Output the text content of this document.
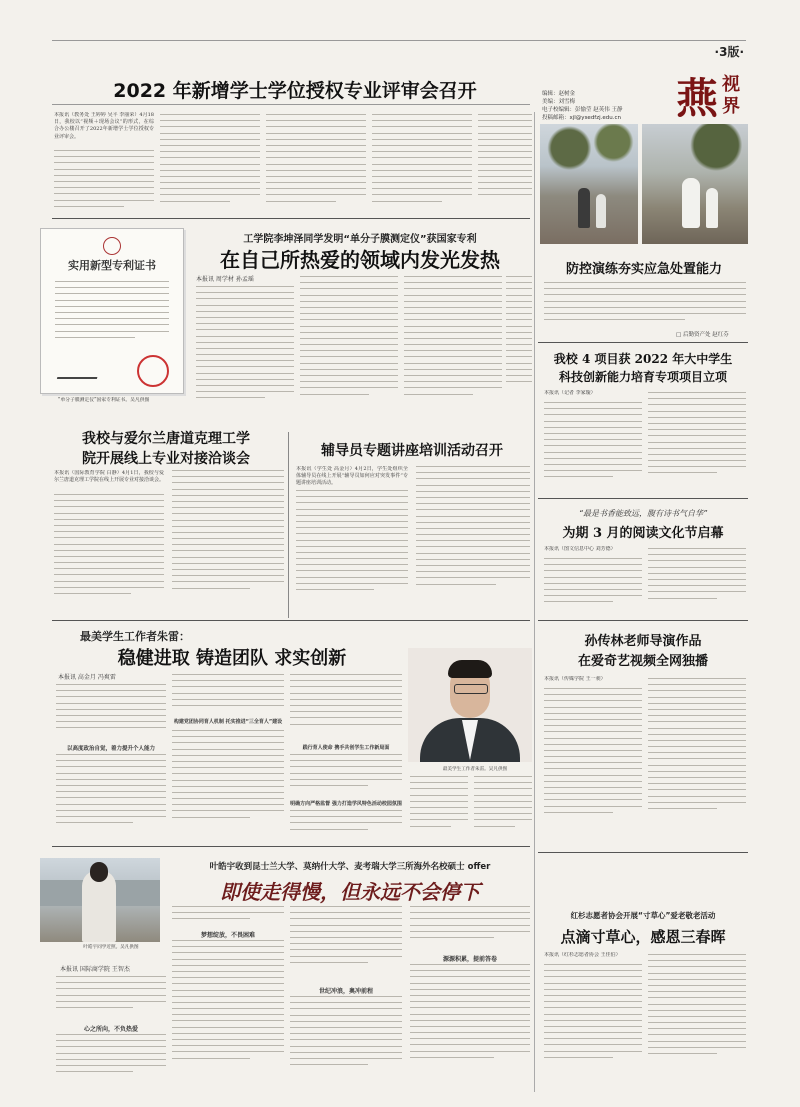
·3版·
2022 年新增学士学位授权专业评审会召开	编辑：赵树金
美编：刘雪梅
电子校编辑：彭愉莹 赵英伟 王静
投稿邮箱：xjl@ysedfzj.edu.cn	燕 视
界
本报讯（教务处 王婷婷 吴平 李丽荣）4月18日，我校以“视频＋现场会议”的形式，在综合办公楼召开了2022年新增学士学位授权专业评审会。
实用新型专利证书
“单分子膜测定仪”国家专利证书。吴凡供图
工学院李坤泽同学发明“单分子膜测定仪”获国家专利
在自己所热爱的领域内发光发热
本报讯 周学材 孙孟瑶
防控演练夯实应急处置能力
□ 后勤资产处 赵红芬
我校 4 项目获 2022 年大中学生
科技创新能力培育专项项目立项
本报讯（记者 李家璇）
我校与爱尔兰唐道克理工学
院开展线上专业对接洽谈会
本报讯（国际教育学院 白静）4月1日，我校与爱尔兰唐道克理工学院在线上开展专业对接洽谈会。
辅导员专题讲座培训活动召开
本报讯（学生处 高金月）4月2日，学生处组织全体辅导员在线上开展“辅导员如何应对突发事件”专题讲座培训活动。
“最是书香能致远，腹有诗书气自华”
为期 3 月的阅读文化节启幕
本报讯（图文信息中心 刘芳德）
最美学生工作者朱雷：
稳健进取 铸造团队 求实创新
本报讯 高金月 冯爽雷
以高度政治自觉，着力提升个人能力
构建党团协同育人机制 托实推进“三全育人”建设
践行育人使命 携手共创学生工作新局面
明确方向严格监督 强力打造学风特色活动校园氛围
最美学生工作者朱雷。吴凡供图
孙传林老师导演作品
在爱奇艺视频全网独播
本报讯（传媒学院 王一昶）
叶皓宇同学近照。吴凡供图
叶皓宇收到昆士兰大学、莫纳什大学、麦考瑞大学三所海外名校硕士 offer
即使走得慢，但永远不会停下
本报讯 国际商学院 王智杰
心之所向，不负热爱
梦想绽放，不畏困难
世纪冲浪，奥冲前程
源源积累，提前答卷
红杉志愿者协会开展“寸草心”爱老敬老活动
点滴寸草心，感恩三春晖
本报讯（红杉志愿者协会 王佳伯）
